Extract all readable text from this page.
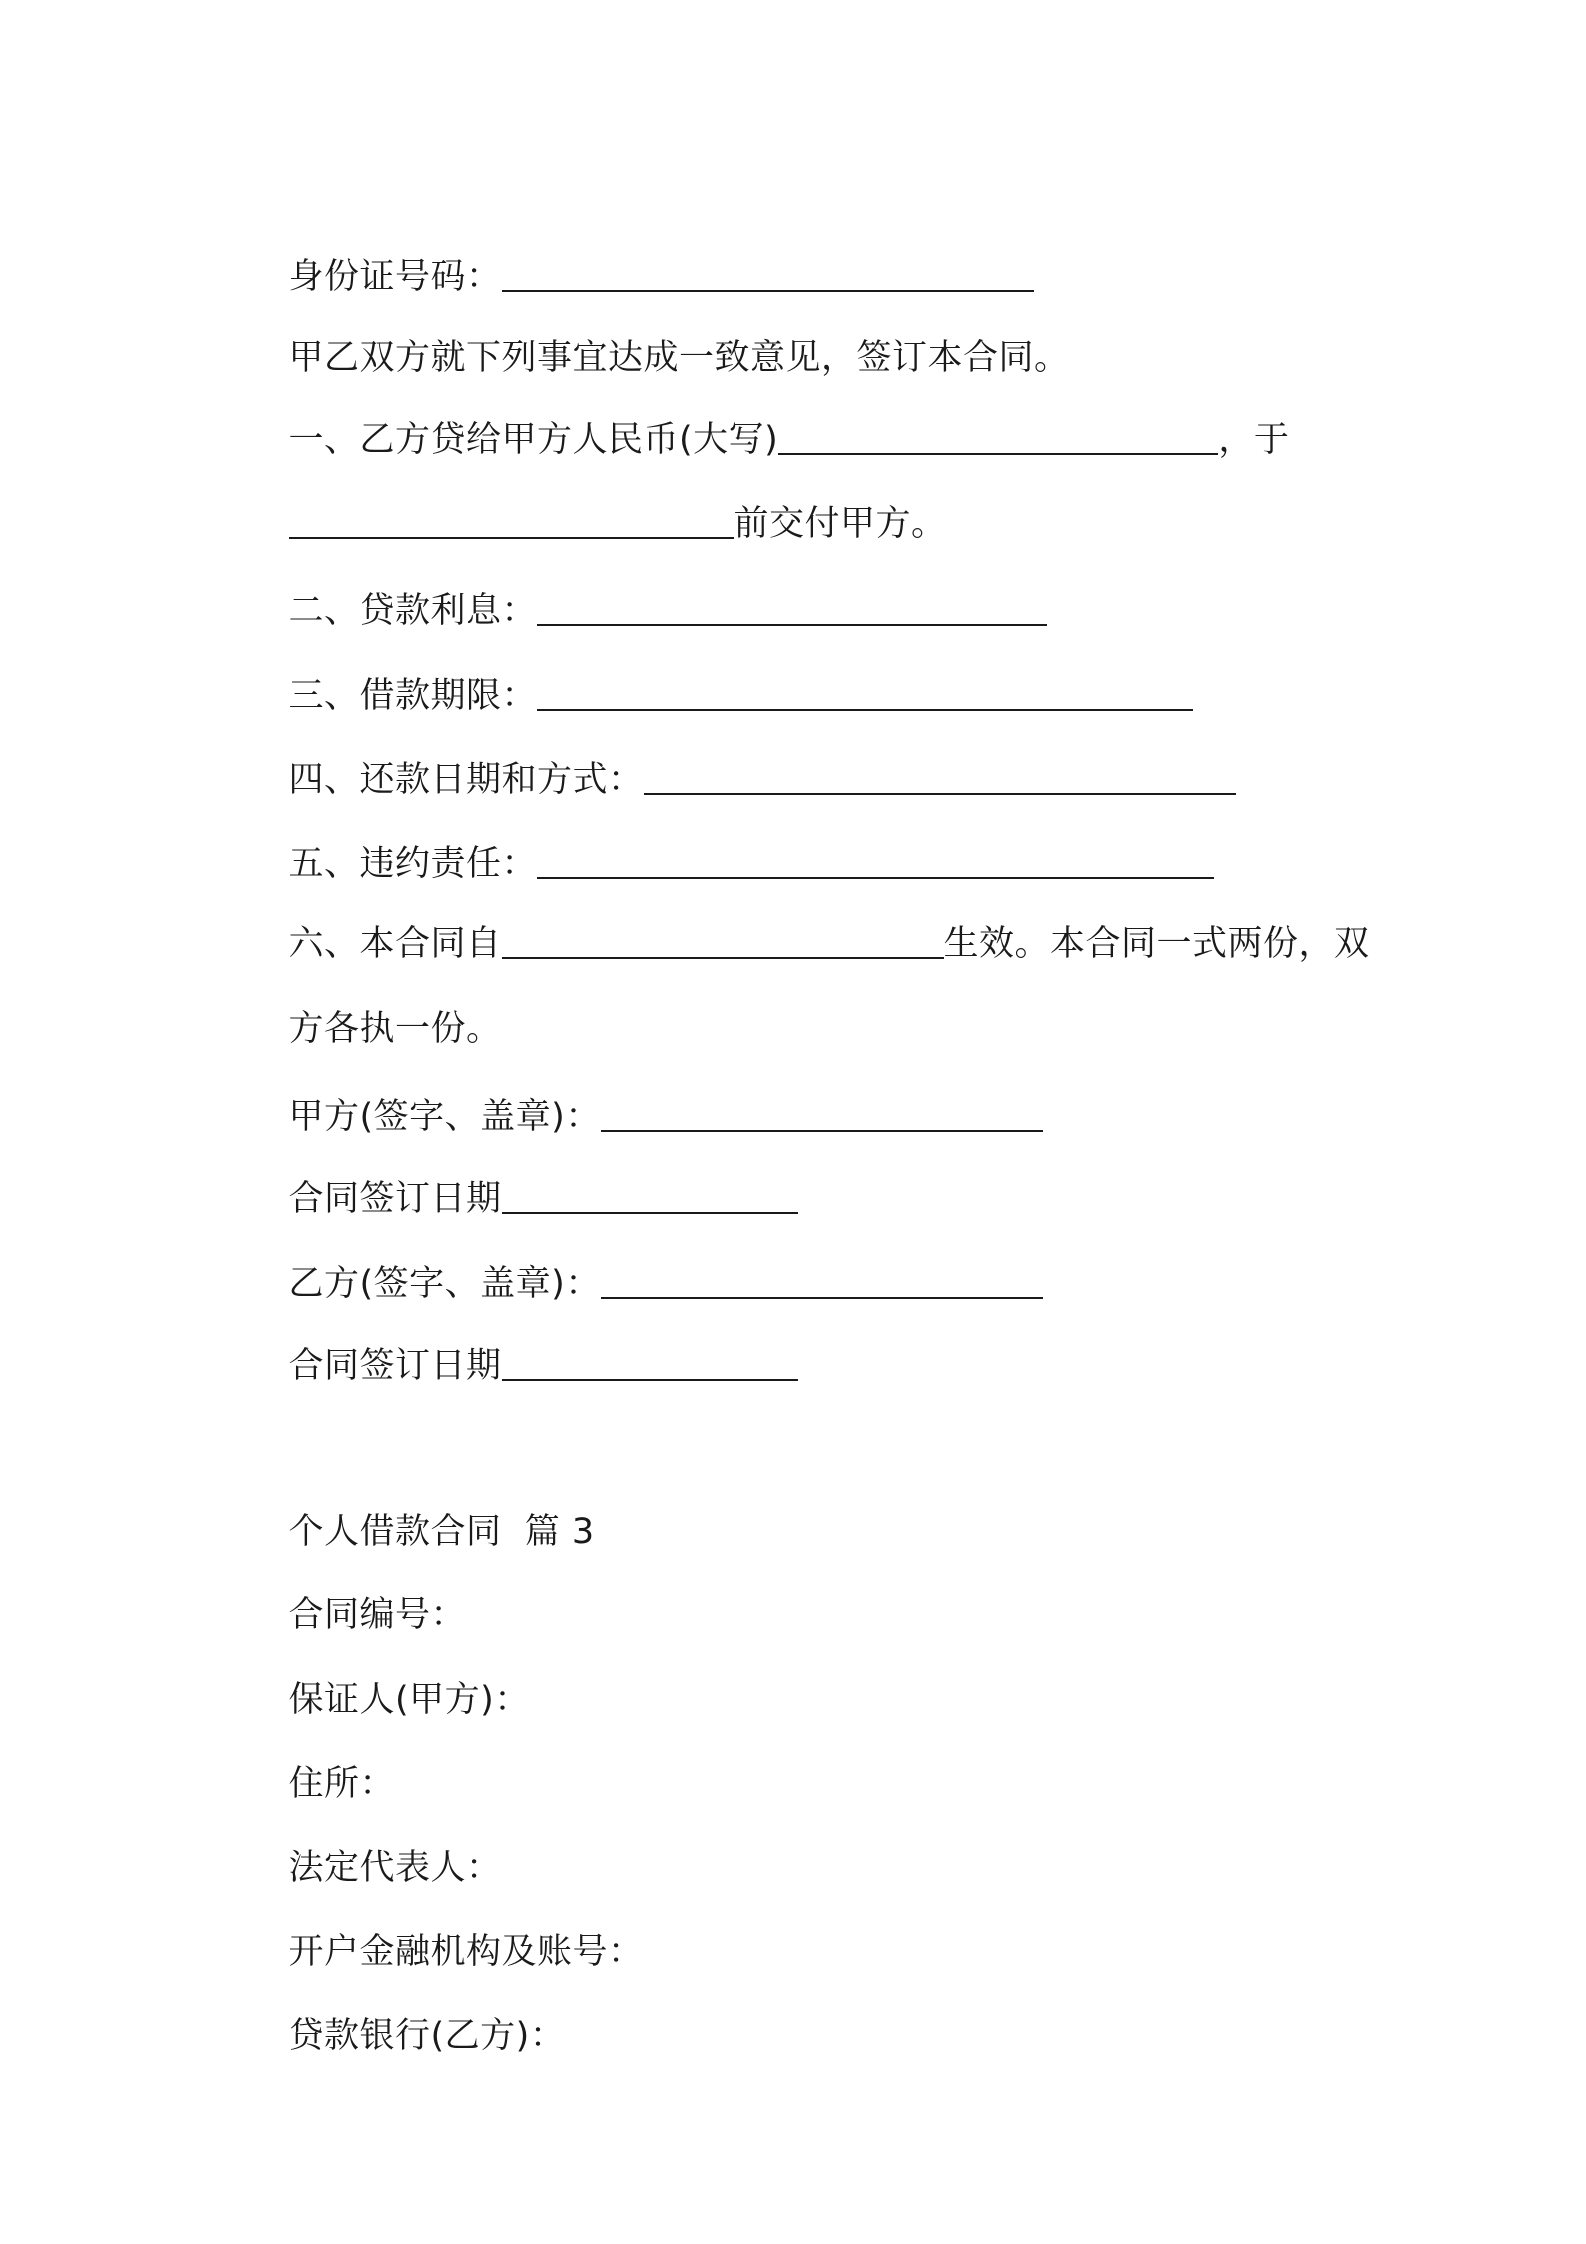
身份证号码：

甲乙双方就下列事宜达成一致意见，签订本合同。

一、乙方贷给甲方人民币(大写)	，于

前交付甲方。

二、贷款利息：

三、借款期限：

四、还款日期和方式：

五、违约责任：

六、本合同自	生效。本合同一式两份，双

方各执一份。

甲方(签字、盖章)：

合同签订日期

乙方(签字、盖章)：

合同签订日期

个人借款合同  篇 3

合同编号：

保证人(甲方)：

住所：

法定代表人：

开户金融机构及账号：

贷款银行(乙方)：
